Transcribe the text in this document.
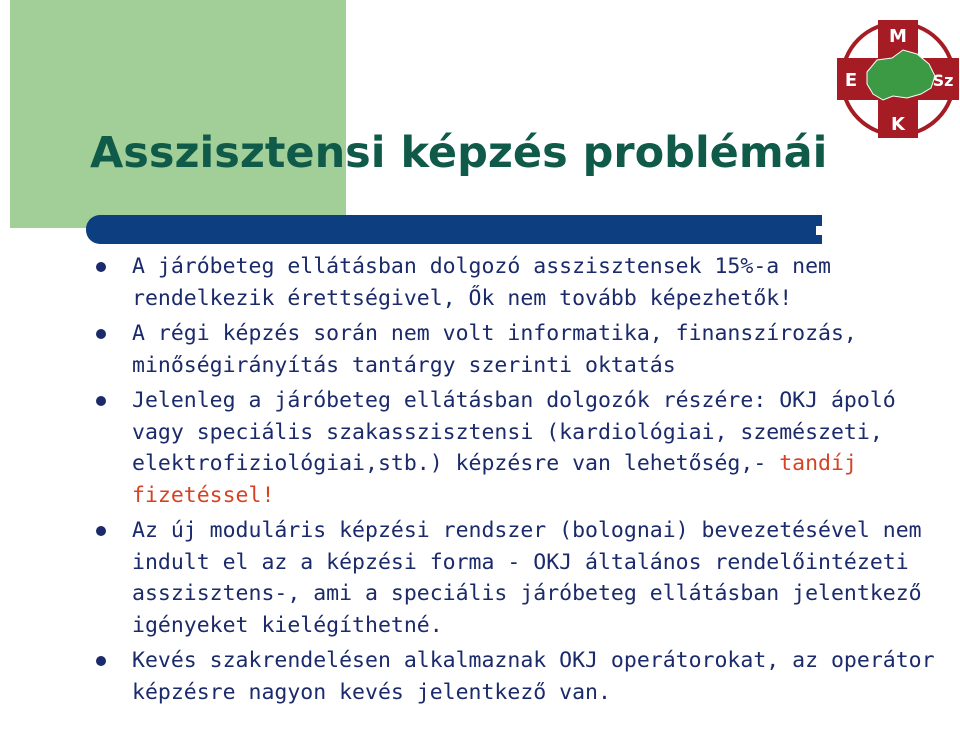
M
E	Sz
K
Asszisztensi képzés problémái
A járóbeteg ellátásban dolgozó asszisztensek 15%-a nem rendelkezik érettségivel, Ők nem tovább képezhetők!
A régi képzés során nem volt informatika, finanszírozás, minőségirányítás tantárgy szerinti oktatás
Jelenleg a járóbeteg ellátásban dolgozók részére: OKJ ápoló vagy speciális szakasszisztensi (kardiológiai, szemészeti, elektrofiziológiai,stb.) képzésre van lehetőség,- tandíj fizetéssel!
Az új moduláris képzési rendszer (bolognai) bevezetésével nem indult el az a képzési forma - OKJ általános rendelőintézeti asszisztens-, ami a speciális járóbeteg ellátásban jelentkező igényeket kielégíthetné.
Kevés szakrendelésen alkalmaznak OKJ operátorokat, az operátor képzésre nagyon kevés jelentkező van.
